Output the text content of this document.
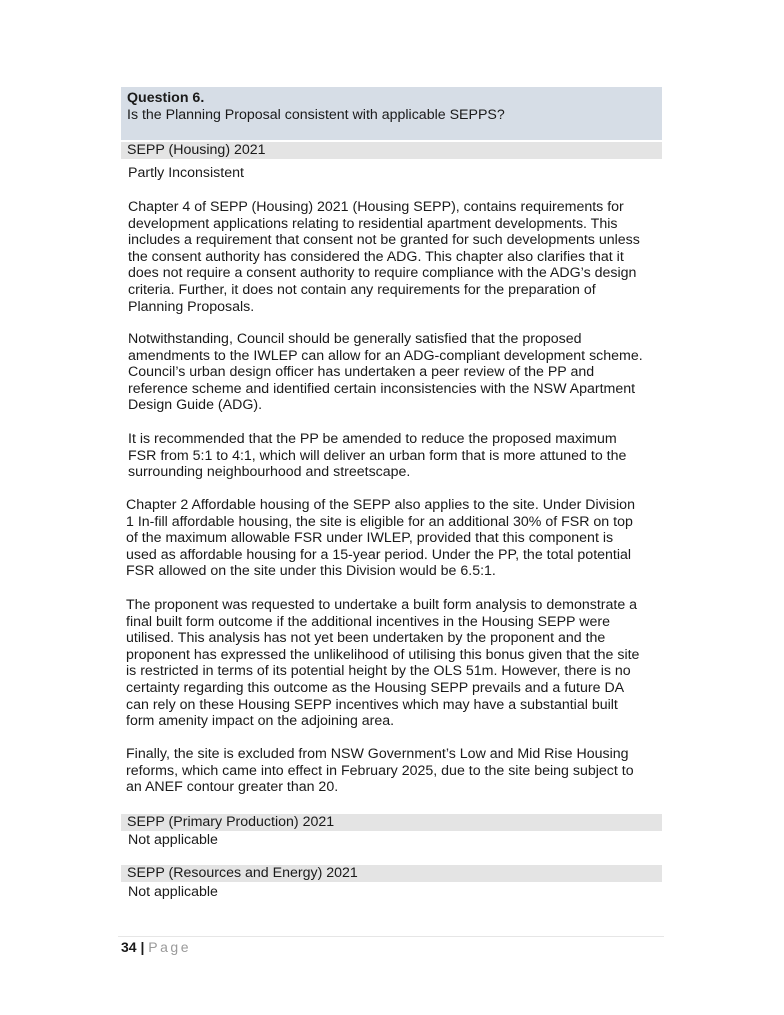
Question 6.
Is the Planning Proposal consistent with applicable SEPPS?
SEPP (Housing) 2021
Partly Inconsistent
Chapter 4 of SEPP (Housing) 2021 (Housing SEPP), contains requirements for
development applications relating to residential apartment developments. This
includes a requirement that consent not be granted for such developments unless
the consent authority has considered the ADG. This chapter also clarifies that it
does not require a consent authority to require compliance with the ADG’s design
criteria. Further, it does not contain any requirements for the preparation of
Planning Proposals.
Notwithstanding, Council should be generally satisfied that the proposed
amendments to the IWLEP can allow for an ADG-compliant development scheme.
Council’s urban design officer has undertaken a peer review of the PP and
reference scheme and identified certain inconsistencies with the NSW Apartment
Design Guide (ADG).
It is recommended that the PP be amended to reduce the proposed maximum
FSR from 5:1 to 4:1, which will deliver an urban form that is more attuned to the
surrounding neighbourhood and streetscape.
Chapter 2 Affordable housing of the SEPP also applies to the site. Under Division
1 In-fill affordable housing, the site is eligible for an additional 30% of FSR on top
of the maximum allowable FSR under IWLEP, provided that this component is
used as affordable housing for a 15-year period. Under the PP, the total potential
FSR allowed on the site under this Division would be 6.5:1.
The proponent was requested to undertake a built form analysis to demonstrate a
final built form outcome if the additional incentives in the Housing SEPP were
utilised. This analysis has not yet been undertaken by the proponent and the
proponent has expressed the unlikelihood of utilising this bonus given that the site
is restricted in terms of its potential height by the OLS 51m. However, there is no
certainty regarding this outcome as the Housing SEPP prevails and a future DA
can rely on these Housing SEPP incentives which may have a substantial built
form amenity impact on the adjoining area.
Finally, the site is excluded from NSW Government’s Low and Mid Rise Housing
reforms, which came into effect in February 2025, due to the site being subject to
an ANEF contour greater than 20.
SEPP (Primary Production) 2021
Not applicable
SEPP (Resources and Energy) 2021
Not applicable
34 | Page
